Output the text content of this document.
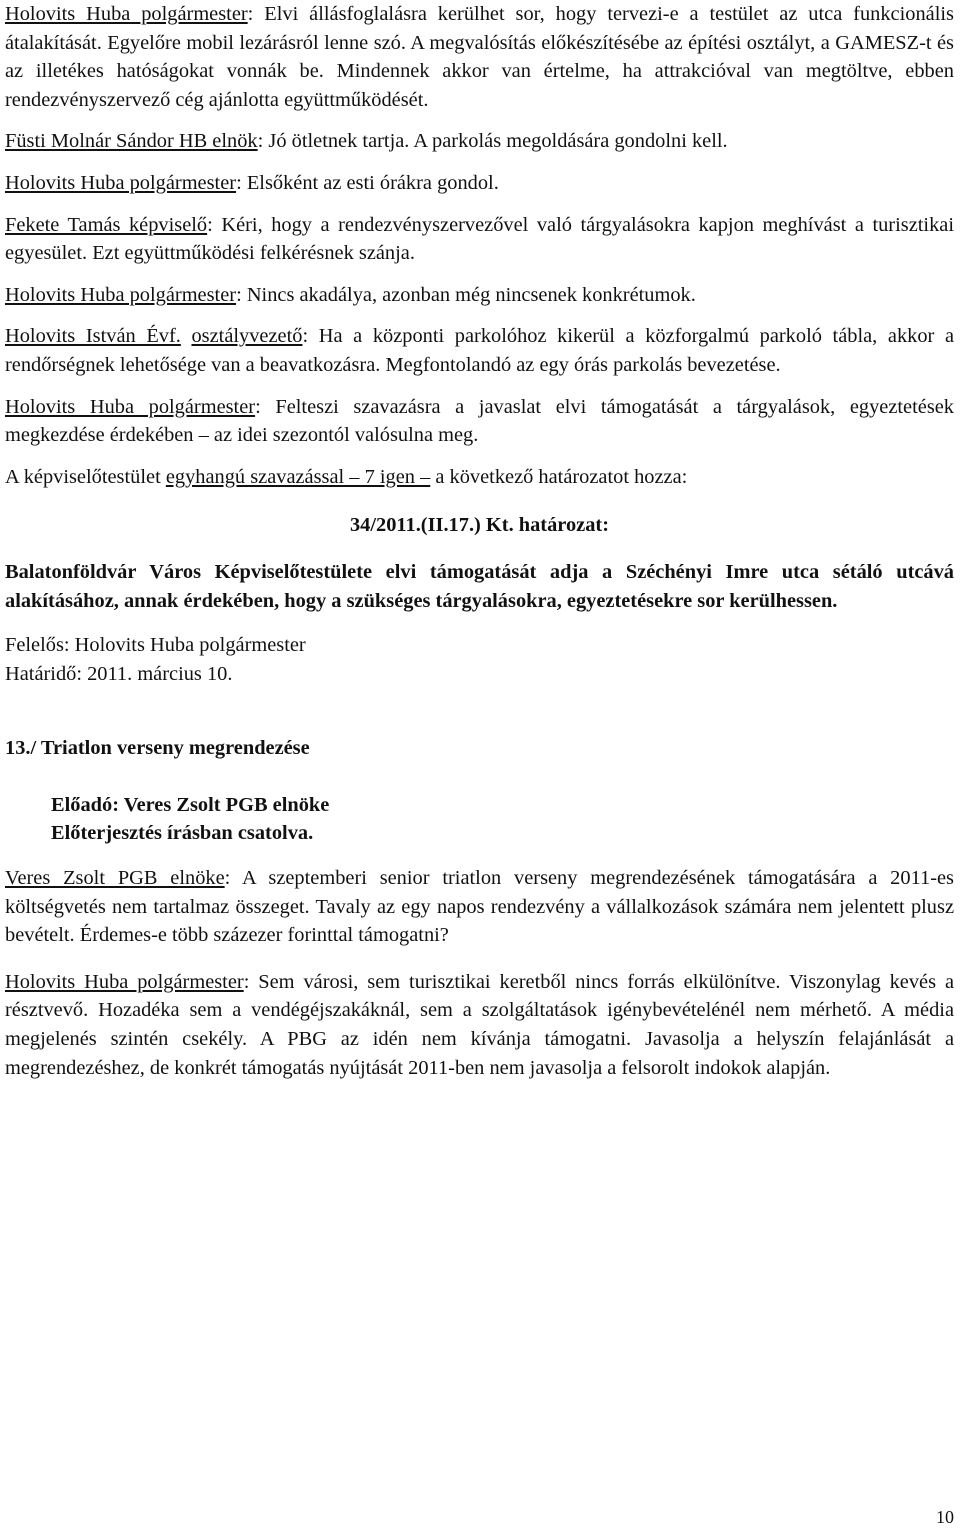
Holovits Huba polgármester: Elvi állásfoglalásra kerülhet sor, hogy tervezi-e a testület az utca funkcionális átalakítását. Egyelőre mobil lezárásról lenne szó. A megvalósítás előkészítésébe az építési osztályt, a GAMESZ-t és az illetékes hatóságokat vonnák be. Mindennek akkor van értelme, ha attrakcióval van megtöltve, ebben rendezvényszervező cég ajánlotta együttműködését.

Füsti Molnár Sándor HB elnök: Jó ötletnek tartja. A parkolás megoldására gondolni kell.

Holovits Huba polgármester: Elsőként az esti órákra gondol.

Fekete Tamás képviselő: Kéri, hogy a rendezvényszervezővel való tárgyalásokra kapjon meghívást a turisztikai egyesület. Ezt együttműködési felkérésnek szánja.

Holovits Huba polgármester: Nincs akadálya, azonban még nincsenek konkrétumok.

Holovits István Évf. osztályvezető: Ha a központi parkolóhoz kikerül a közforgalmú parkoló tábla, akkor a rendőrségnek lehetősége van a beavatkozásra. Megfontolandó az egy órás parkolás bevezetése.

Holovits Huba polgármester: Felteszi szavazásra a javaslat elvi támogatását a tárgyalások, egyeztetések megkezdése érdekében – az idei szezontól valósulna meg.

A képviselőtestület egyhangú szavazással – 7 igen – a következő határozatot hozza:

34/2011.(II.17.) Kt. határozat:

Balatonföldvár Város Képviselőtestülete elvi támogatását adja a Széchényi Imre utca sétáló utcává alakításához, annak érdekében, hogy a szükséges tárgyalásokra, egyeztetésekre sor kerülhessen.

Felelős: Holovits Huba polgármester

Határidő: 2011. március 10.

13./ Triatlon verseny megrendezése

Előadó: Veres Zsolt PGB elnöke

Előterjesztés írásban csatolva.

Veres Zsolt PGB elnöke: A szeptemberi senior triatlon verseny megrendezésének támogatására a 2011-es költségvetés nem tartalmaz összeget. Tavaly az egy napos rendezvény a vállalkozások számára nem jelentett plusz bevételt. Érdemes-e több százezer forinttal támogatni?

Holovits Huba polgármester: Sem városi, sem turisztikai keretből nincs forrás elkülönítve. Viszonylag kevés a résztvevő. Hozadéka sem a vendégéjszakáknál, sem a szolgáltatások igénybevételénél nem mérhető. A média megjelenés szintén csekély. A PBG az idén nem kívánja támogatni. Javasolja a helyszín felajánlását a megrendezéshez, de konkrét támogatás nyújtását 2011-ben nem javasolja a felsorolt indokok alapján.

10
